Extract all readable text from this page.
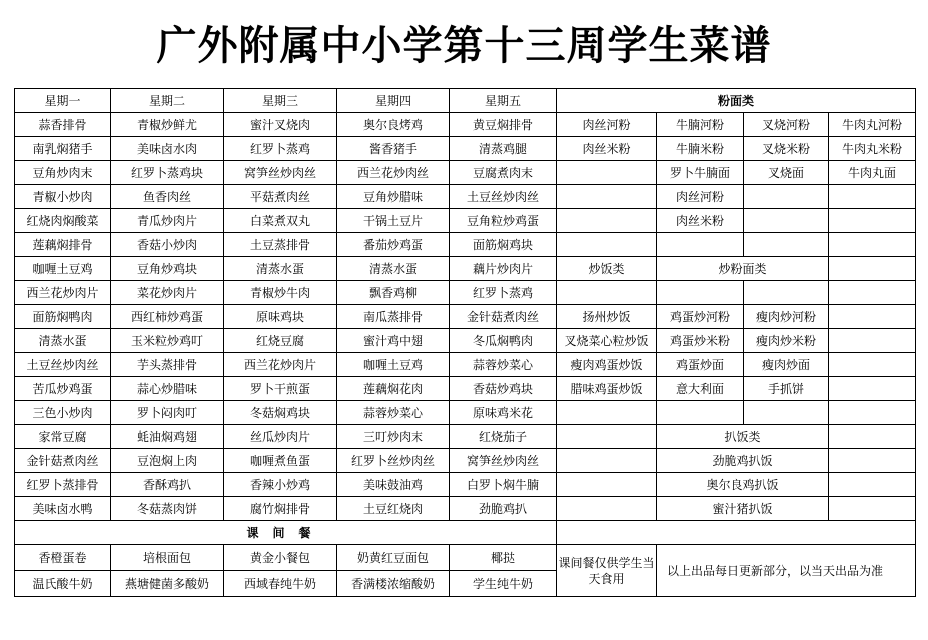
广外附属中小学第十三周学生菜谱
星期一	星期二	星期三	星期四	星期五	粉面类			
蒜香排骨	青椒炒鲜尤	蜜汁叉烧肉	奥尔良烤鸡	黄豆焖排骨	肉丝河粉	牛腩河粉	叉烧河粉	牛肉丸河粉
南乳焖猪手	美味卤水肉	红罗卜蒸鸡	酱香猪手	清蒸鸡腿	肉丝米粉	牛腩米粉	叉烧米粉	牛肉丸米粉
豆角炒肉末	红罗卜蒸鸡块	窝笋丝炒肉丝	西兰花炒肉丝	豆腐煮肉末		罗卜牛腩面	叉烧面	牛肉丸面
青椒小炒肉	鱼香肉丝	平菇煮肉丝	豆角炒腊味	土豆丝炒肉丝		肉丝河粉		
红烧肉焖酸菜	青瓜炒肉片	白菜煮双丸	干锅土豆片	豆角粒炒鸡蛋		肉丝米粉		
莲藕焖排骨	香菇小炒肉	土豆蒸排骨	番茄炒鸡蛋	面筋焖鸡块				
咖喱土豆鸡	豆角炒鸡块	清蒸水蛋	清蒸水蛋	藕片炒肉片	炒饭类	炒粉面类		
西兰花炒肉片	菜花炒肉片	青椒炒牛肉	飘香鸡柳	红罗卜蒸鸡				
面筋焖鸭肉	西红柿炒鸡蛋	原味鸡块	南瓜蒸排骨	金针菇煮肉丝	扬州炒饭	鸡蛋炒河粉	瘦肉炒河粉	
清蒸水蛋	玉米粒炒鸡叮	红烧豆腐	蜜汁鸡中翅	冬瓜焖鸭肉	叉烧菜心粒炒饭	鸡蛋炒米粉	瘦肉炒米粉	
土豆丝炒肉丝	芋头蒸排骨	西兰花炒肉片	咖喱土豆鸡	蒜蓉炒菜心	瘦肉鸡蛋炒饭	鸡蛋炒面	瘦肉炒面	
苦瓜炒鸡蛋	蒜心炒腊味	罗卜干煎蛋	莲藕焖花肉	香菇炒鸡块	腊味鸡蛋炒饭	意大利面	手抓饼	
三色小炒肉	罗卜闷肉叮	冬菇焖鸡块	蒜蓉炒菜心	原味鸡米花				
家常豆腐	蚝油焖鸡翅	丝瓜炒肉片	三叮炒肉末	红烧茄子		扒饭类		
金针菇煮肉丝	豆泡焖上肉	咖喱煮鱼蛋	红罗卜丝炒肉丝	窝笋丝炒肉丝		劲脆鸡扒饭		
红罗卜蒸排骨	香酥鸡扒	香辣小炒鸡	美味鼓油鸡	白罗卜焖牛腩		奥尔良鸡扒饭		
美味卤水鸭	冬菇蒸肉饼	腐竹焖排骨	土豆红烧肉	劲脆鸡扒		蜜汁猪扒饭		
课间餐								
香橙蛋卷	培根面包	黄金小餐包	奶黄红豆面包	椰挞	课间餐仅供学生当天食用	以上出品每日更新部分，以当天出品为准		
温氏酸牛奶	燕塘健菌多酸奶	西域春纯牛奶	香满楼浓缩酸奶	学生纯牛奶				
